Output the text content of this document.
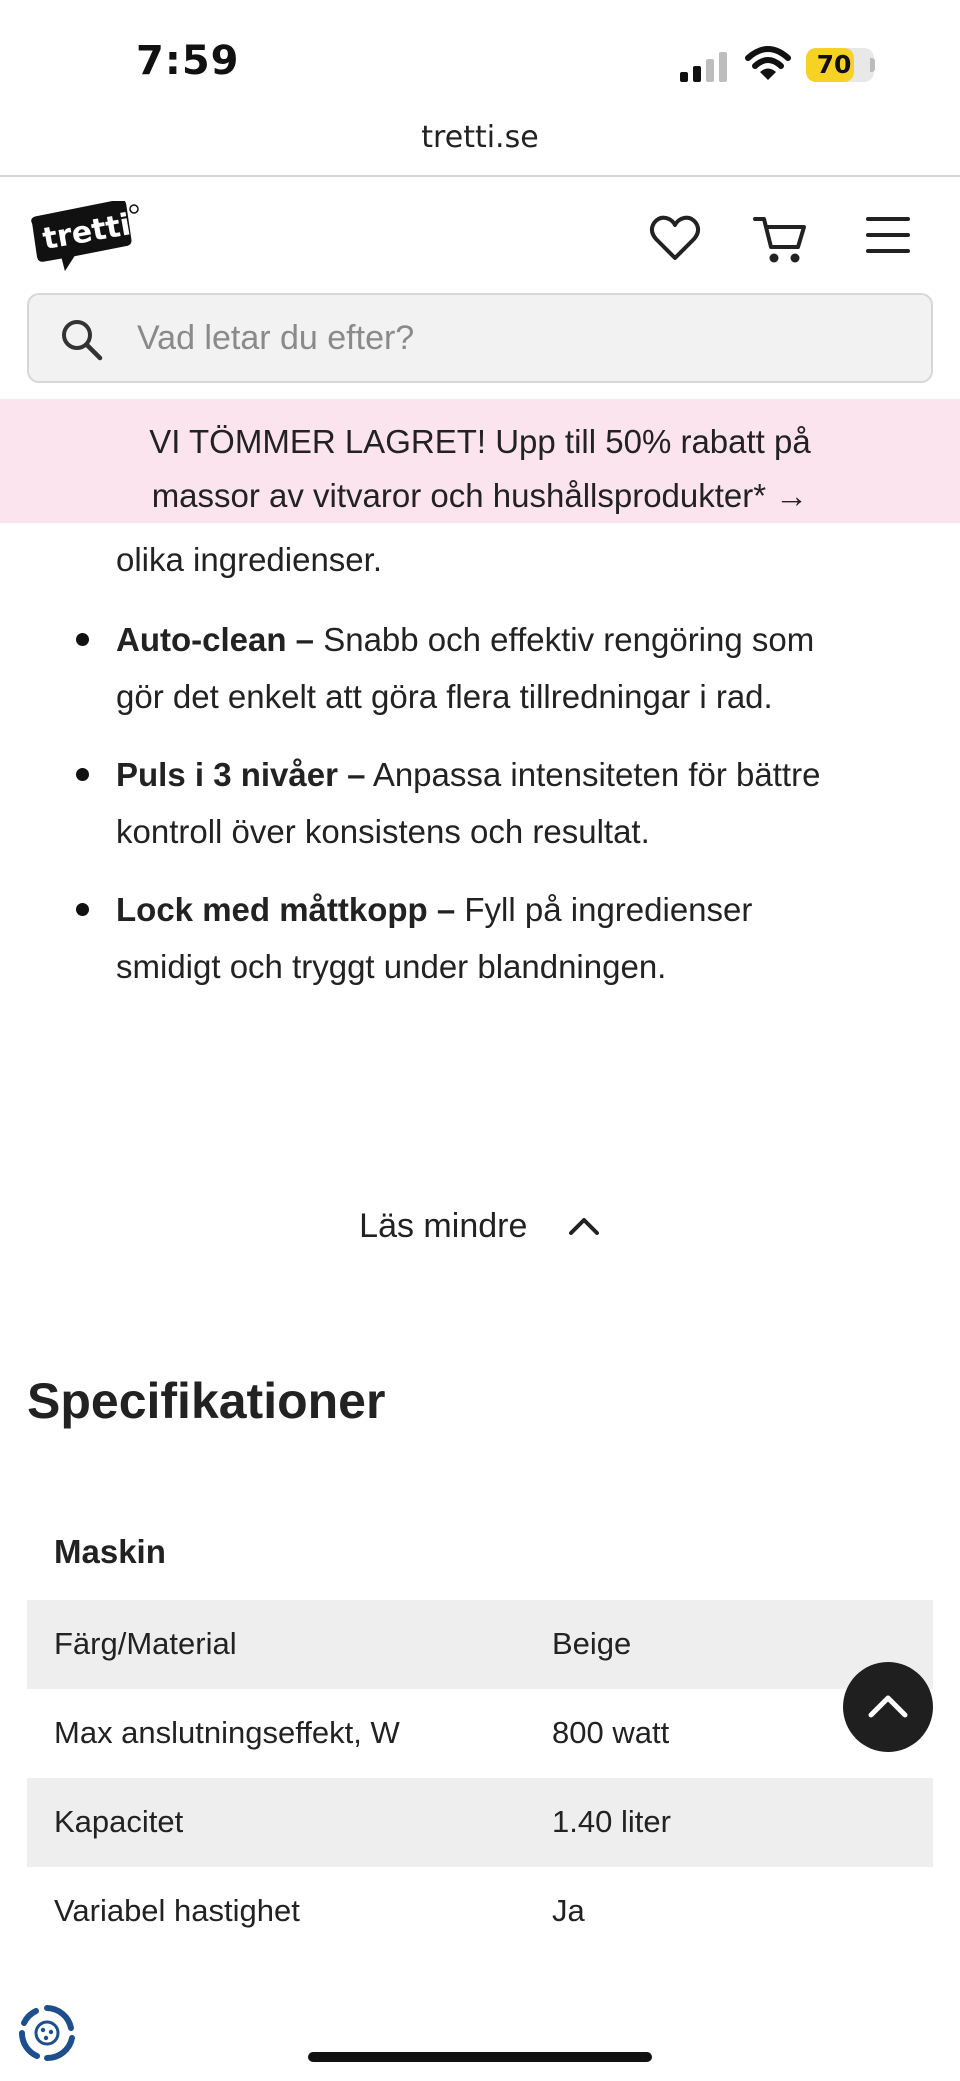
7:59	70
tretti.se
tretti
Vad letar du efter?
VI TÖMMER LAGRET! Upp till 50% rabatt på
massor av vitvaror och hushållsprodukter* →
olika ingredienser.
Auto-clean – Snabb och effektiv rengöring som
gör det enkelt att göra flera tillredningar i rad.
Puls i 3 nivåer – Anpassa intensiteten för bättre
kontroll över konsistens och resultat.
Lock med måttkopp – Fyll på ingredienser
smidigt och tryggt under blandningen.
Läs mindre
Specifikationer
Maskin
Färg/Material	Beige
Max anslutningseffekt, W	800 watt
Kapacitet	1.40 liter
Variabel hastighet	Ja
